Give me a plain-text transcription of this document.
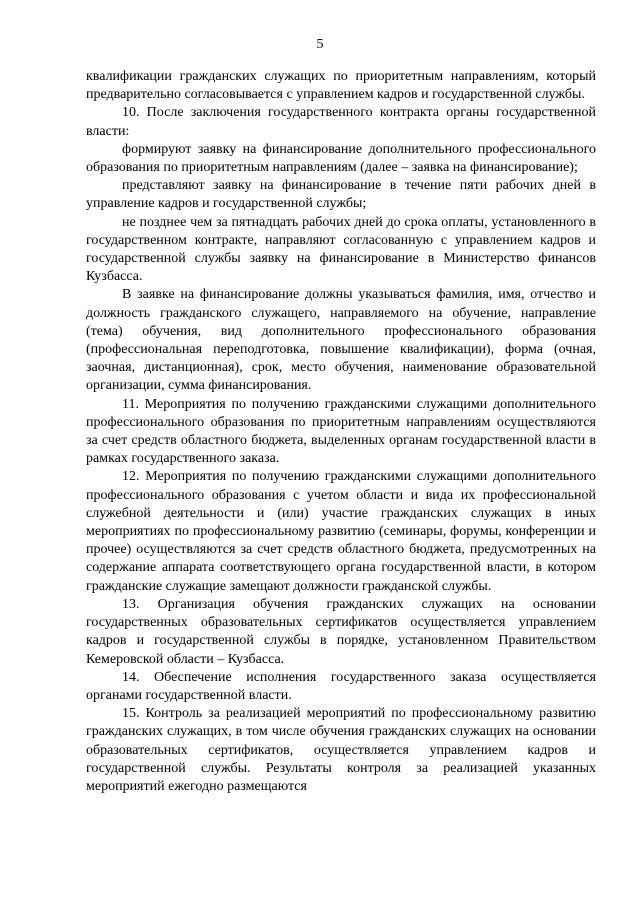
5

квалификации гражданских служащих по приоритетным направлениям, который предварительно согласовывается с управлением кадров и государственной службы.

10. После заключения государственного контракта органы государственной власти:

формируют заявку на финансирование дополнительного профессионального образования по приоритетным направлениям (далее – заявка на финансирование);

представляют заявку на финансирование в течение пяти рабочих дней в управление кадров и государственной службы;

не позднее чем за пятнадцать рабочих дней до срока оплаты, установленного в государственном контракте, направляют согласованную с управлением кадров и государственной службы заявку на финансирование в Министерство финансов Кузбасса.

В заявке на финансирование должны указываться фамилия, имя, отчество и должность гражданского служащего, направляемого на обучение, направление (тема) обучения, вид дополнительного профессионального образования (профессиональная переподготовка, повышение квалификации), форма (очная, заочная, дистанционная), срок, место обучения, наименование образовательной организации, сумма финансирования.

11. Мероприятия по получению гражданскими служащими дополнительного профессионального образования по приоритетным направлениям осуществляются за счет средств областного бюджета, выделенных органам государственной власти в рамках государственного заказа.

12. Мероприятия по получению гражданскими служащими дополнительного профессионального образования с учетом области и вида их профессиональной служебной деятельности и (или) участие гражданских служащих в иных мероприятиях по профессиональному развитию (семинары, форумы, конференции и прочее) осуществляются за счет средств областного бюджета, предусмотренных на содержание аппарата соответствующего органа государственной власти, в котором гражданские служащие замещают должности гражданской службы.

13. Организация обучения гражданских служащих на основании государственных образовательных сертификатов осуществляется управлением кадров и государственной службы в порядке, установленном Правительством Кемеровской области – Кузбасса.

14. Обеспечение исполнения государственного заказа осуществляется органами государственной власти.

15. Контроль за реализацией мероприятий по профессиональному развитию гражданских служащих, в том числе обучения гражданских служащих на основании образовательных сертификатов, осуществляется управлением кадров и государственной службы. Результаты контроля за реализацией указанных мероприятий ежегодно размещаются
